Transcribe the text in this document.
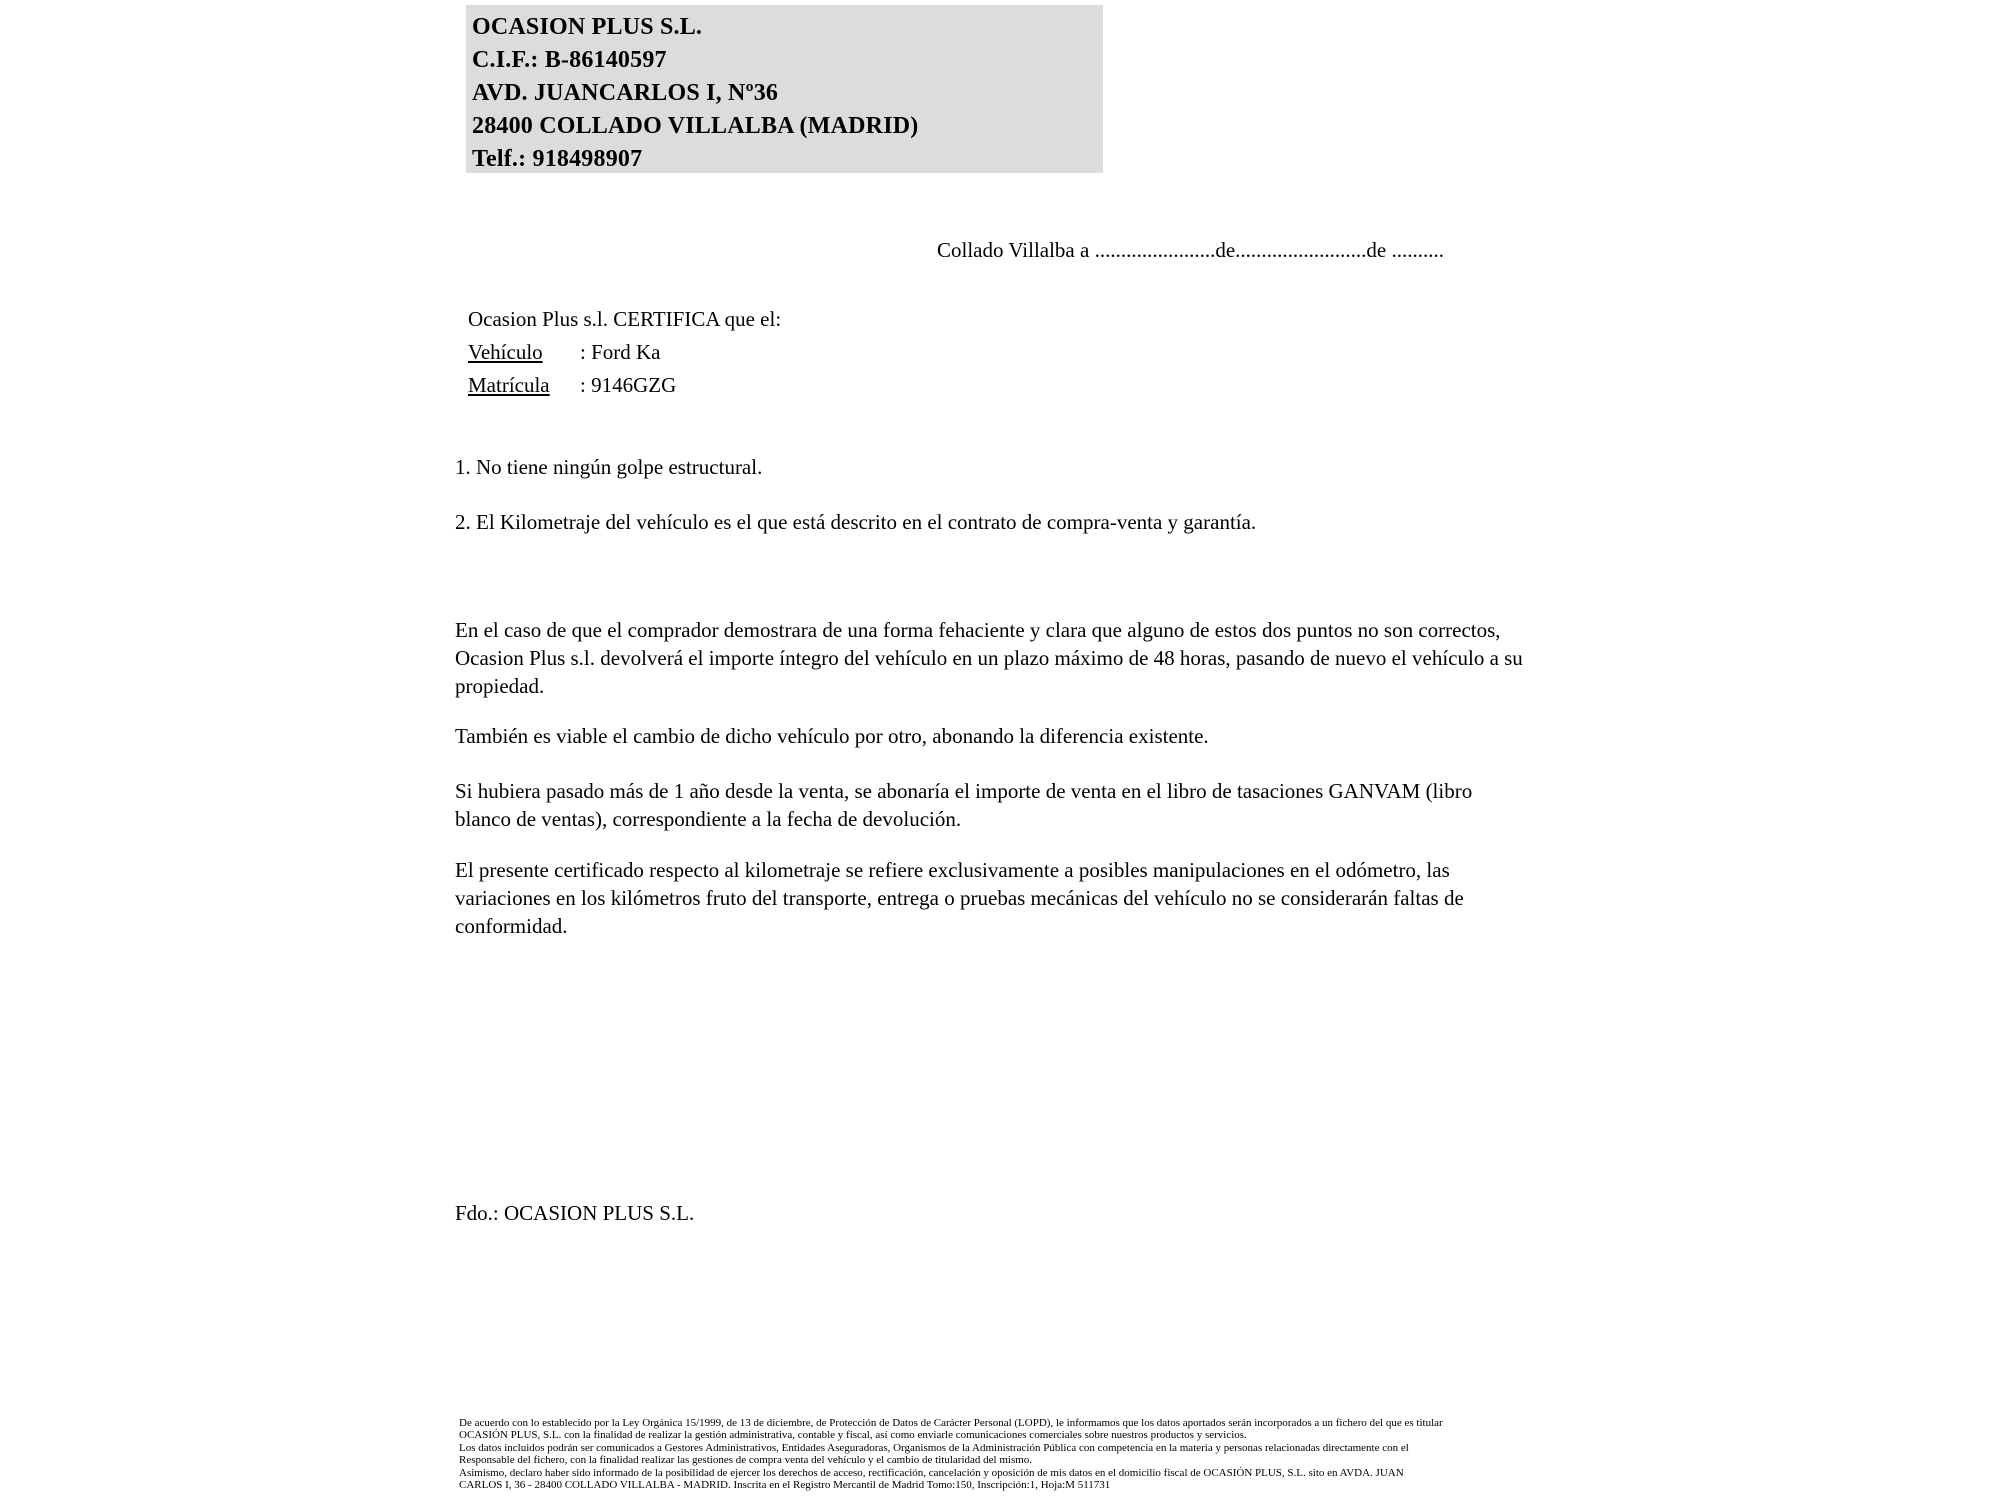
OCASION PLUS S.L.
C.I.F.: B-86140597
AVD. JUANCARLOS I, Nº36
28400 COLLADO VILLALBA (MADRID)
Telf.: 918498907
Collado Villalba a .......................de.........................de ..........
Ocasion Plus s.l. CERTIFICA que el:
Vehículo : Ford Ka
Matrícula : 9146GZG
1. No tiene ningún golpe estructural.
2. El Kilometraje del vehículo es el que está descrito en el contrato de compra-venta y garantía.
En el caso de que el comprador demostrara de una forma fehaciente y clara que alguno de estos dos puntos no son correctos, Ocasion Plus s.l. devolverá el importe íntegro del vehículo en un plazo máximo de 48 horas, pasando de nuevo el vehículo a su propiedad.
También es viable el cambio de dicho vehículo por otro, abonando la diferencia existente.
Si hubiera pasado más de 1 año desde la venta, se abonaría el importe de venta en el libro de tasaciones GANVAM (libro blanco de ventas), correspondiente a la fecha de devolución.
El presente certificado respecto al kilometraje se refiere exclusivamente a posibles manipulaciones en el odómetro, las variaciones en los kilómetros fruto del transporte, entrega o pruebas mecánicas del vehículo no se considerarán faltas de conformidad.
Fdo.: OCASION PLUS S.L.
De acuerdo con lo establecido por la Ley Orgánica 15/1999, de 13 de diciembre, de Protección de Datos de Carácter Personal (LOPD), le informamos que los datos aportados serán incorporados a un fichero del que es titular
OCASIÓN PLUS, S.L. con la finalidad de realizar la gestión administrativa, contable y fiscal, así como enviarle comunicaciones comerciales sobre nuestros productos y servicios.
Los datos incluidos podrán ser comunicados a Gestores Administrativos, Entidades Aseguradoras, Organismos de la Administración Pública con competencia en la materia y personas relacionadas directamente con el
Responsable del fichero, con la finalidad realizar las gestiones de compra venta del vehículo y el cambio de titularidad del mismo.
Asimismo, declaro haber sido informado de la posibilidad de ejercer los derechos de acceso, rectificación, cancelación y oposición de mis datos en el domicilio fiscal de OCASIÓN PLUS, S.L. sito en AVDA. JUAN
CARLOS I, 36 - 28400 COLLADO VILLALBA - MADRID. Inscrita en el Registro Mercantil de Madrid Tomo:150, Inscripción:1, Hoja:M 511731
